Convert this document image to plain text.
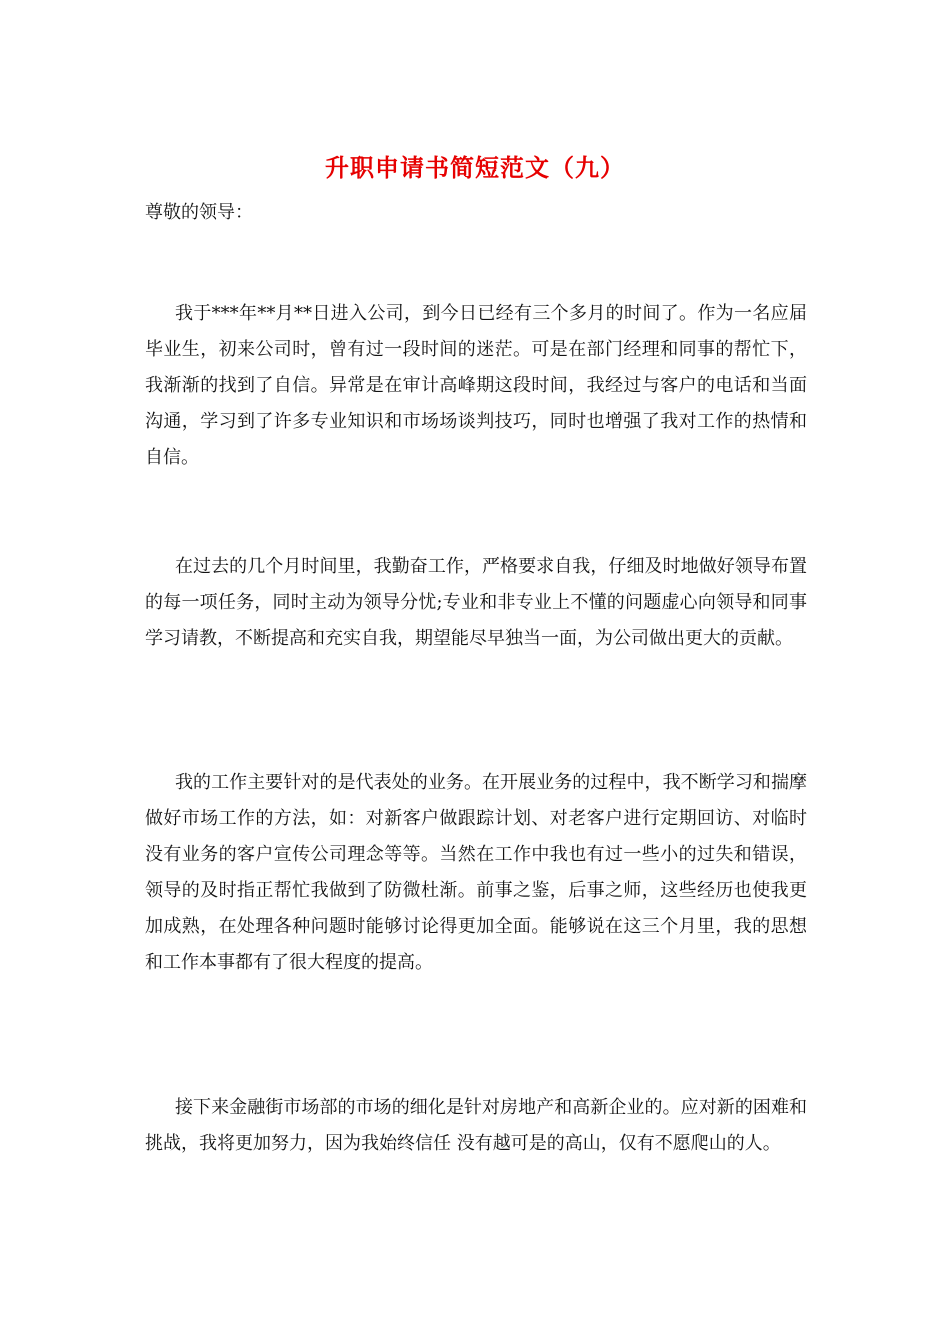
升职申请书简短范文（九）
尊敬的领导：

我于***年**月**日进入公司，到今日已经有三个多月的时间了。作为一名应届毕业生，初来公司时，曾有过一段时间的迷茫。可是在部门经理和同事的帮忙下，我渐渐的找到了自信。异常是在审计高峰期这段时间，我经过与客户的电话和当面沟通，学习到了许多专业知识和市场场谈判技巧，同时也增强了我对工作的热情和自信。

在过去的几个月时间里，我勤奋工作，严格要求自我，仔细及时地做好领导布置的每一项任务，同时主动为领导分忧;专业和非专业上不懂的问题虚心向领导和同事学习请教，不断提高和充实自我，期望能尽早独当一面，为公司做出更大的贡献。

我的工作主要针对的是代表处的业务。在开展业务的过程中，我不断学习和揣摩做好市场工作的方法，如：对新客户做跟踪计划、对老客户进行定期回访、对临时没有业务的客户宣传公司理念等等。当然在工作中我也有过一些小的过失和错误，领导的及时指正帮忙我做到了防微杜渐。前事之鉴，后事之师，这些经历也使我更加成熟，在处理各种问题时能够讨论得更加全面。能够说在这三个月里，我的思想和工作本事都有了很大程度的提高。

接下来金融街市场部的市场的细化是针对房地产和高新企业的。应对新的困难和挑战，我将更加努力，因为我始终信任 没有越可是的高山，仅有不愿爬山的人。
